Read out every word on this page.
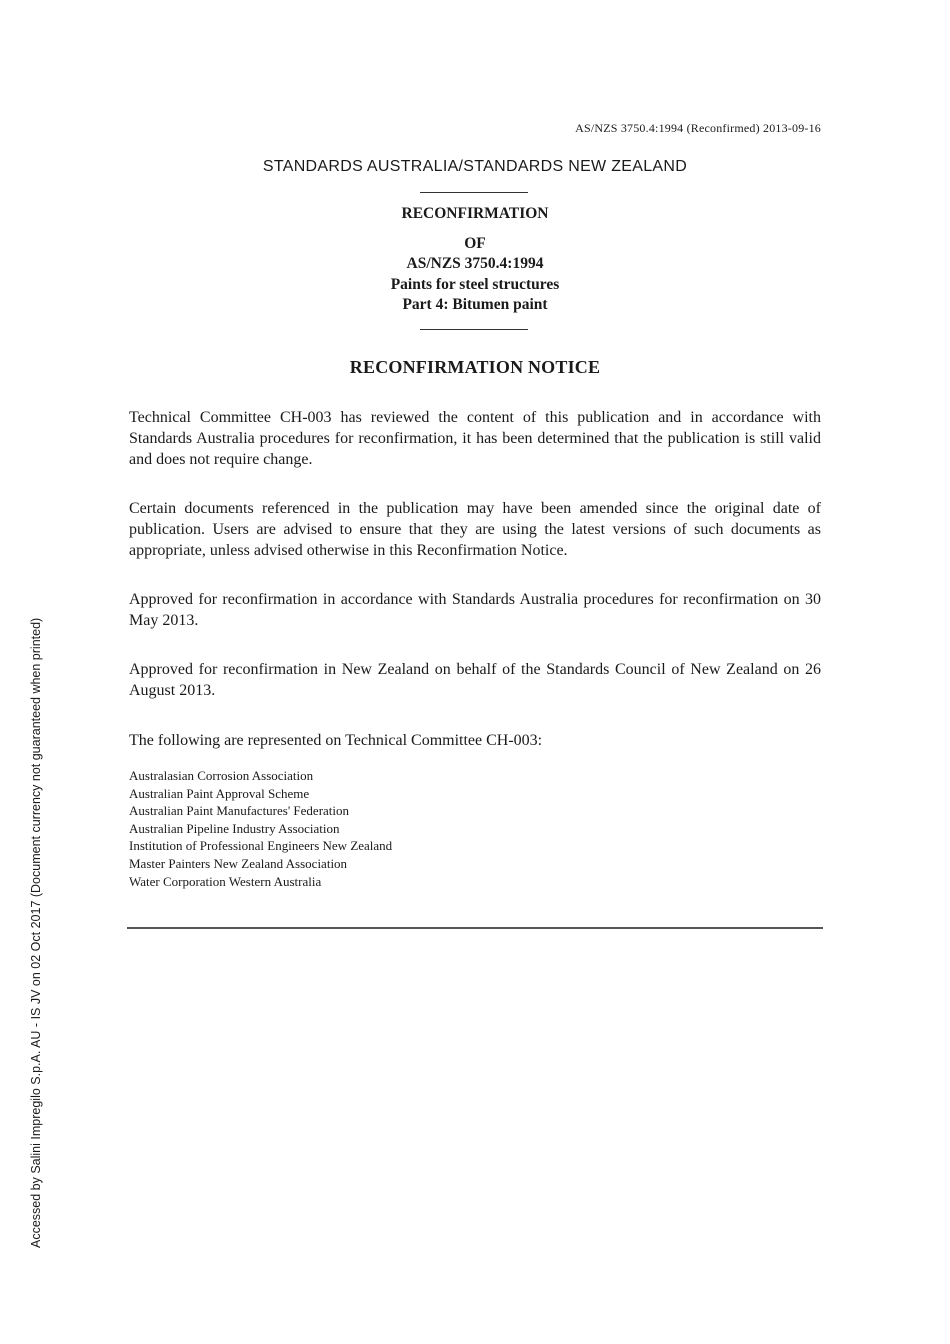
AS/NZS 3750.4:1994 (Reconfirmed) 2013-09-16
STANDARDS AUSTRALIA/STANDARDS NEW ZEALAND
RECONFIRMATION
OF
AS/NZS 3750.4:1994
Paints for steel structures
Part 4: Bitumen paint
RECONFIRMATION NOTICE

Technical Committee CH-003 has reviewed the content of this publication and in accordance with Standards Australia procedures for reconfirmation, it has been determined that the publication is still valid and does not require change.

Certain documents referenced in the publication may have been amended since the original date of publication. Users are advised to ensure that they are using the latest versions of such documents as appropriate, unless advised otherwise in this Reconfirmation Notice.

Approved for reconfirmation in accordance with Standards Australia procedures for reconfirmation on 30 May 2013.

Approved for reconfirmation in New Zealand on behalf of the Standards Council of New Zealand on 26 August 2013.

The following are represented on Technical Committee CH-003:

Australasian Corrosion Association
Australian Paint Approval Scheme
Australian Paint Manufactures' Federation
Australian Pipeline Industry Association
Institution of Professional Engineers New Zealand
Master Painters New Zealand Association
Water Corporation Western Australia
Accessed by Salini Impregilo S.p.A. AU - IS JV on 02 Oct 2017 (Document currency not guaranteed when printed)
